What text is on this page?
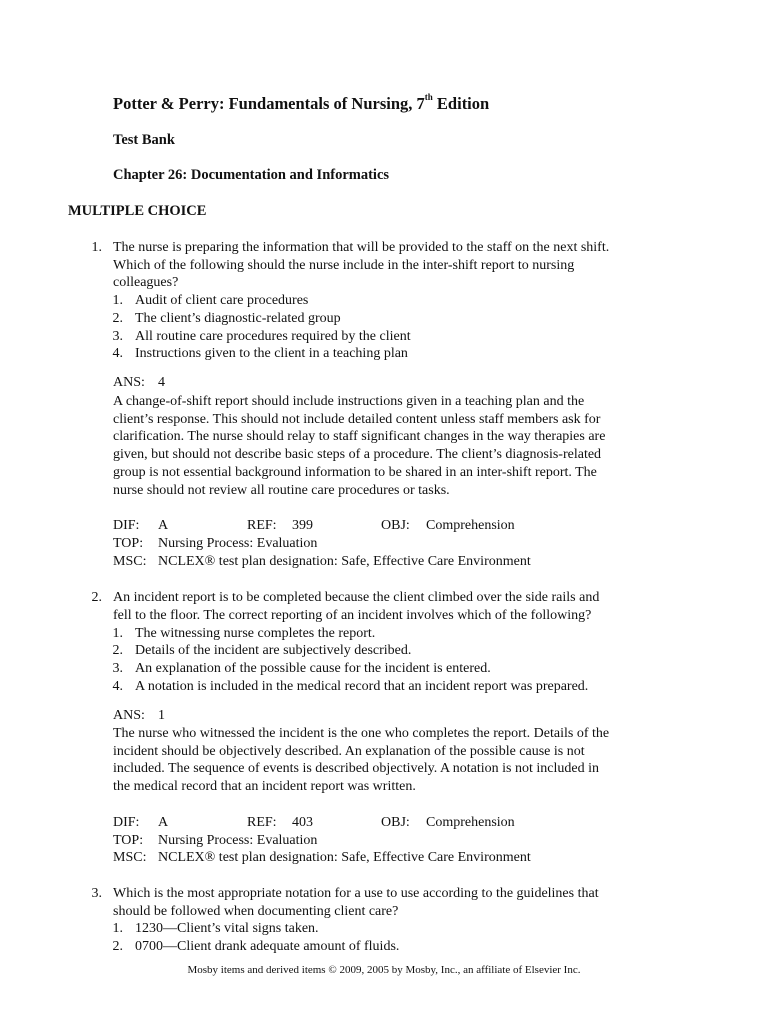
Potter & Perry: Fundamentals of Nursing, 7th Edition
Test Bank
Chapter 26: Documentation and Informatics
MULTIPLE CHOICE
1. The nurse is preparing the information that will be provided to the staff on the next shift.
Which of the following should the nurse include in the inter-shift report to nursing
colleagues?
1. Audit of client care procedures
2. The client’s diagnostic-related group
3. All routine care procedures required by the client
4. Instructions given to the client in a teaching plan
ANS: 4
A change-of-shift report should include instructions given in a teaching plan and the
client’s response. This should not include detailed content unless staff members ask for
clarification. The nurse should relay to staff significant changes in the way therapies are
given, but should not describe basic steps of a procedure. The client’s diagnosis-related
group is not essential background information to be shared in an inter-shift report. The
nurse should not review all routine care procedures or tasks.
DIF: A	REF: 399	OBJ: Comprehension
TOP: Nursing Process: Evaluation
MSC: NCLEX® test plan designation: Safe, Effective Care Environment
2. An incident report is to be completed because the client climbed over the side rails and
fell to the floor. The correct reporting of an incident involves which of the following?
1. The witnessing nurse completes the report.
2. Details of the incident are subjectively described.
3. An explanation of the possible cause for the incident is entered.
4. A notation is included in the medical record that an incident report was prepared.
ANS: 1
The nurse who witnessed the incident is the one who completes the report. Details of the
incident should be objectively described. An explanation of the possible cause is not
included. The sequence of events is described objectively. A notation is not included in
the medical record that an incident report was written.
DIF: A	REF: 403	OBJ: Comprehension
TOP: Nursing Process: Evaluation
MSC: NCLEX® test plan designation: Safe, Effective Care Environment
3. Which is the most appropriate notation for a use to use according to the guidelines that
should be followed when documenting client care?
1. 1230—Client’s vital signs taken.
2. 0700—Client drank adequate amount of fluids.
Mosby items and derived items © 2009, 2005 by Mosby, Inc., an affiliate of Elsevier Inc.
